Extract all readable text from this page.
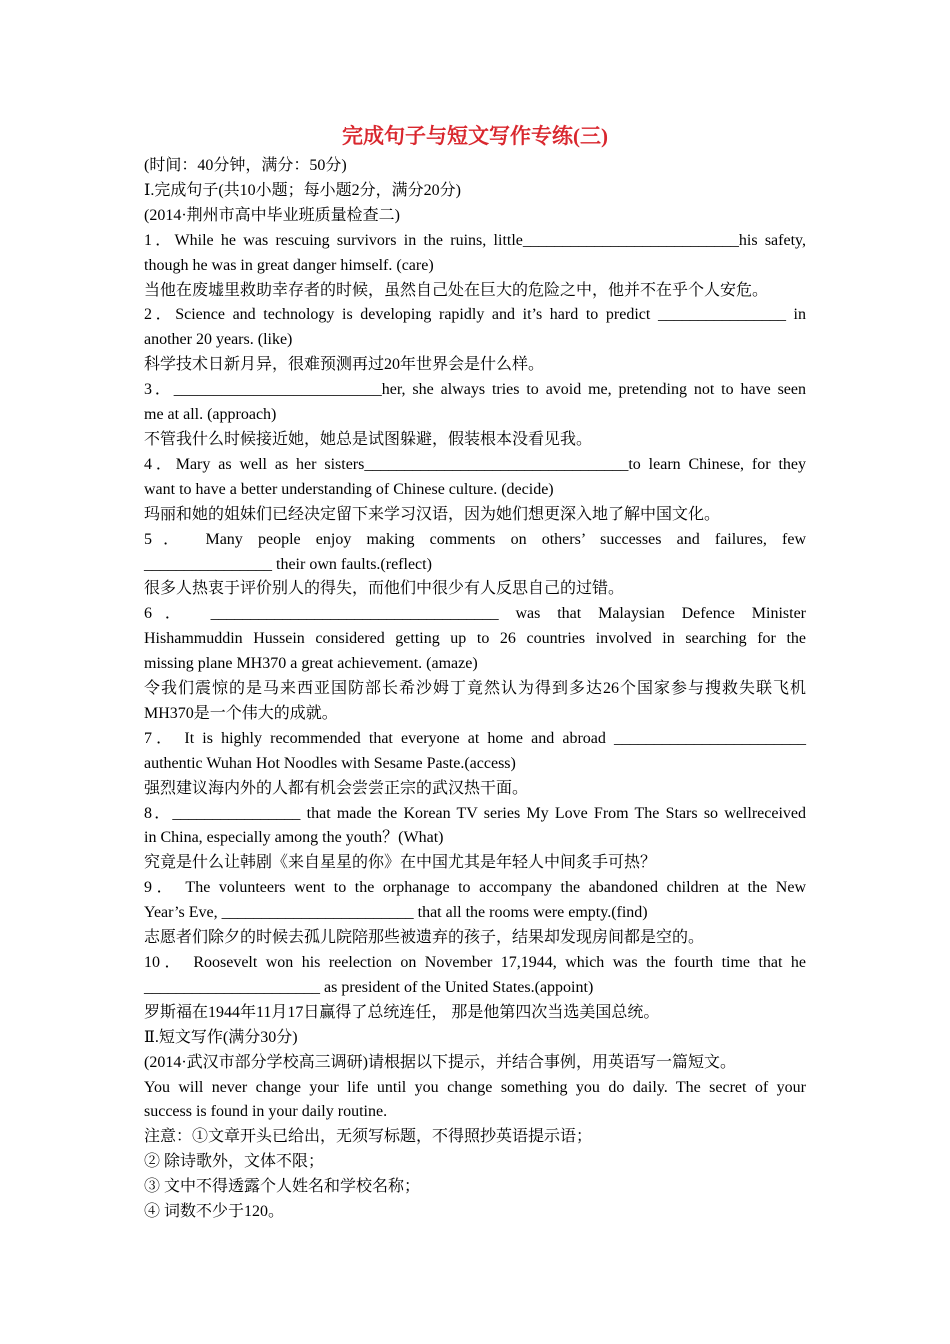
完成句子与短文写作专练(三)
(时间：40分钟，满分：50分)
Ⅰ.完成句子(共10小题；每小题2分，满分20分)
(2014·荆州市高中毕业班质量检查二)
1．While he was rescuing survivors in the ruins, little___________________________his safety,
though he was in great danger himself. (care)
当他在废墟里救助幸存者的时候，虽然自己处在巨大的危险之中，他并不在乎个人安危。
2．Science and technology is developing rapidly and it’s hard to predict ________________ in
another 20 years. (like)
科学技术日新月异，很难预测再过20年世界会是什么样。
3．__________________________her, she always tries to avoid me, pretending not to have seen
me at all. (approach)
不管我什么时候接近她，她总是试图躲避，假装根本没看见我。
4．Mary as well as her sisters_________________________________to learn Chinese, for they
want to have a better understanding of Chinese culture. (decide)
玛丽和她的姐妹们已经决定留下来学习汉语，因为她们想更深入地了解中国文化。
5． Many people enjoy making comments on others’ successes and failures, few
________________ their own faults.(reflect)
很多人热衷于评价别人的得失，而他们中很少有人反思自己的过错。
6． ____________________________________ was that Malaysian Defence Minister
Hishammuddin Hussein considered getting up to 26 countries involved in searching for the
missing plane MH370 a great achievement. (amaze)
令我们震惊的是马来西亚国防部长希沙姆丁竟然认为得到多达26个国家参与搜救失联飞机
MH370是一个伟大的成就。
7． It is highly recommended that everyone at home and abroad ________________________
authentic Wuhan Hot Noodles with Sesame Paste.(access)
强烈建议海内外的人都有机会尝尝正宗的武汉热干面。
8．________________ that made the Korean TV series My Love From The Stars so wellreceived
in China, especially among the youth？(What)
究竟是什么让韩剧《来自星星的你》在中国尤其是年轻人中间炙手可热？
9． The volunteers went to the orphanage to accompany the abandoned children at the New
Year’s Eve, ________________________ that all the rooms were empty.(find)
志愿者们除夕的时候去孤儿院陪那些被遗弃的孩子，结果却发现房间都是空的。
10． Roosevelt won his reelection on November 17,1944, which was the fourth time that he
______________________ as president of the United States.(appoint)
罗斯福在1944年11月17日赢得了总统连任， 那是他第四次当选美国总统。
Ⅱ.短文写作(满分30分)
(2014·武汉市部分学校高三调研)请根据以下提示，并结合事例，用英语写一篇短文。
You will never change your life until you change something you do daily. The secret of your
success is found in your daily routine.
注意：①文章开头已给出，无须写标题，不得照抄英语提示语；
② 除诗歌外，文体不限；
③ 文中不得透露个人姓名和学校名称；
④ 词数不少于120。
